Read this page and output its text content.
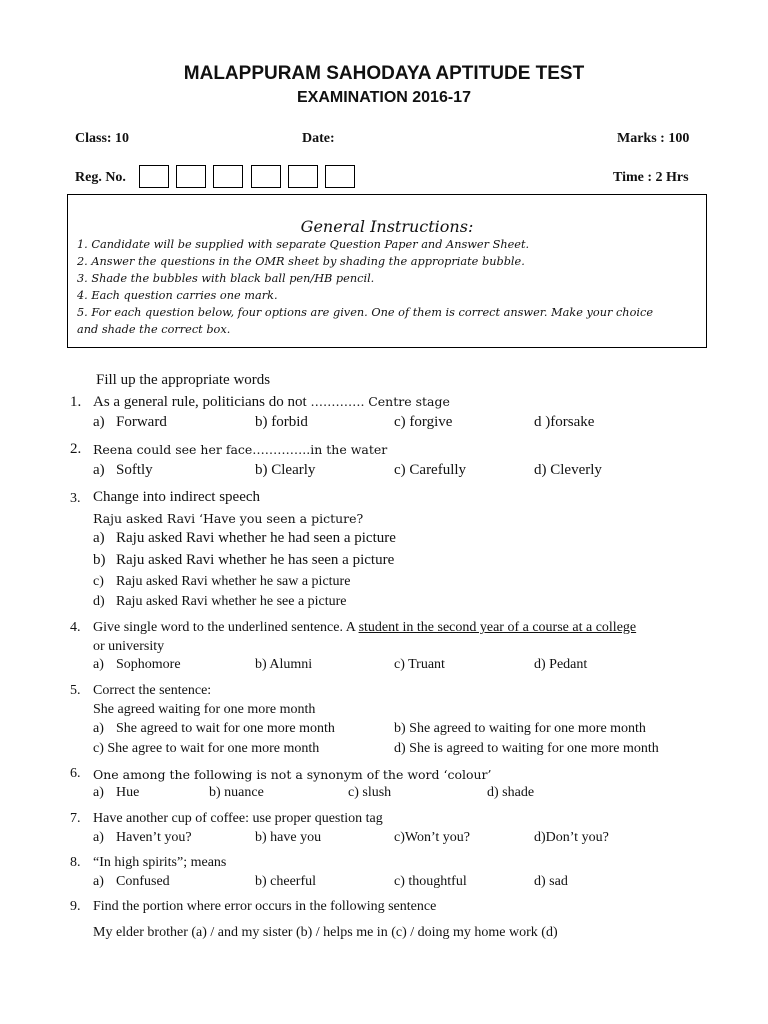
MALAPPURAM SAHODAYA APTITUDE TEST
EXAMINATION 2016-17
Class: 10	Date:	Marks : 100
Reg. No.	Time : 2 Hrs
General Instructions:
1. Candidate will be supplied with separate Question Paper and Answer Sheet.
2. Answer the questions in the OMR sheet by shading the appropriate bubble.
3. Shade the bubbles with black ball pen/HB pencil.
4. Each question carries one mark.
5. For each question below, four options are given. One of them is correct answer. Make your choice
and shade the correct box.
Fill up the appropriate words
1. As a general rule, politicians do not …………. Centre stage
a) Forward	b) forbid	c) forgive	d )forsake
2. Reena could see her face…………..in the water
a) Softly	b) Clearly	c) Carefully	d) Cleverly
3. Change into indirect speech
Raju asked Ravi ‘Have you seen a picture?
a) Raju asked Ravi whether he had seen a picture
b) Raju asked Ravi whether he has seen a picture
c) Raju asked Ravi whether he saw a picture
d) Raju asked Ravi whether he see a picture
4. Give single word to the underlined sentence. A student in the second year of a course at a college
or university
a) Sophomore	b) Alumni	c) Truant	d) Pedant
5. Correct the sentence:
She agreed waiting for one more month
a) She agreed to wait for one more month	b) She agreed to waiting for one more month
c) She agree to wait for one more month	d) She is agreed to waiting for one more month
6. One among the following is not a synonym of the word ‘colour’
a) Hue	b) nuance	c) slush	d) shade
7. Have another cup of coffee: use proper question tag
a) Haven’t you?	b) have you	c)Won’t you?	d)Don’t you?
8. “In high spirits”; means
a) Confused	b) cheerful	c) thoughtful	d) sad
9. Find the portion where error occurs in the following sentence
My elder brother (a) / and my sister (b) / helps me in (c) / doing my home work (d)
